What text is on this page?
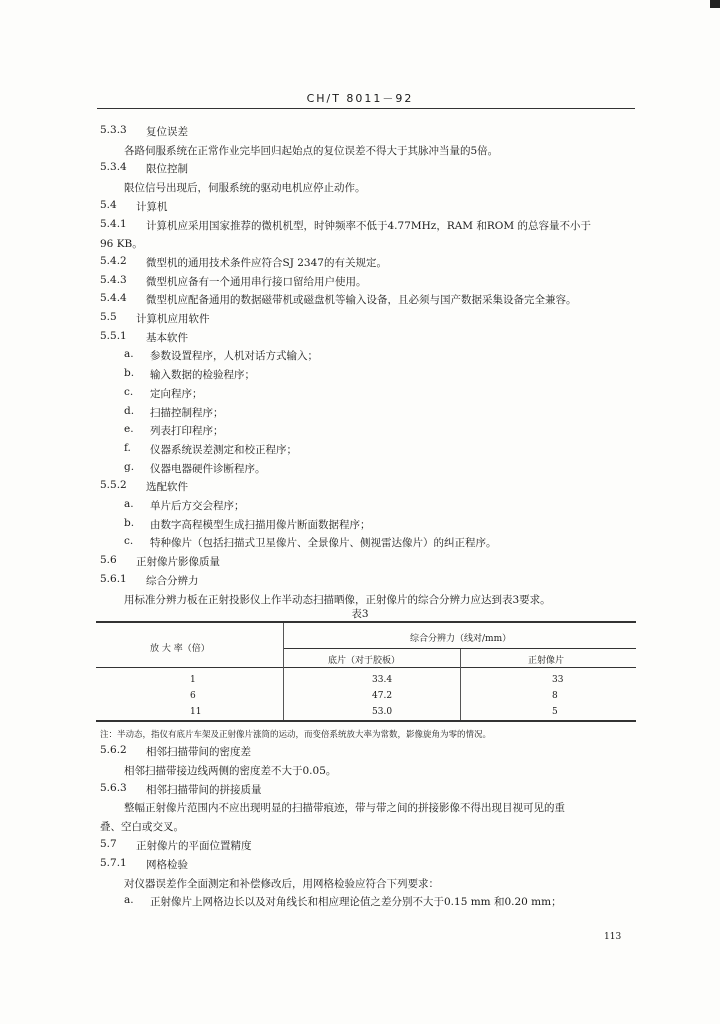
CH/T 8011－92
5.3.3 复位误差
各路伺服系统在正常作业完毕回归起始点的复位误差不得大于其脉冲当量的5倍。
5.3.4 限位控制
限位信号出现后，伺服系统的驱动电机应停止动作。
5.4 计算机
5.4.1 计算机应采用国家推荐的微机机型，时钟频率不低于4.77MHz，RAM 和ROM 的总容量不小于
96 KB。
5.4.2 微型机的通用技术条件应符合SJ 2347的有关规定。
5.4.3 微型机应备有一个通用串行接口留给用户使用。
5.4.4 微型机应配备通用的数据磁带机或磁盘机等输入设备，且必须与国产数据采集设备完全兼容。
5.5 计算机应用软件
5.5.1 基本软件
a. 参数设置程序，人机对话方式输入；
b. 输入数据的检验程序；
c. 定向程序；
d. 扫描控制程序；
e. 列表打印程序；
f. 仪器系统误差测定和校正程序；
g. 仪器电器硬件诊断程序。
5.5.2 选配软件
a. 单片后方交会程序；
b. 由数字高程模型生成扫描用像片断面数据程序；
c. 特种像片（包括扫描式卫星像片、全景像片、侧视雷达像片）的纠正程序。
5.6 正射像片影像质量
5.6.1 综合分辨力
用标准分辨力板在正射投影仪上作半动态扫描晒像，正射像片的综合分辨力应达到表3要求。
表3
放 大 率（倍）
综合分辨力（线对/mm）
底片（对于胶板）	正射像片
1	33.4	33
6	47.2	8
11	53.0	5
注：半动态，指仪有底片车架及正射像片涨筒的运动，而变倍系统放大率为常数，影像旋角为零的情况。
5.6.2 相邻扫描带间的密度差
相邻扫描带接边线两侧的密度差不大于0.05。
5.6.3 相邻扫描带间的拼接质量
整幅正射像片范围内不应出现明显的扫描带痕迹，带与带之间的拼接影像不得出现目视可见的重
叠、空白或交叉。
5.7 正射像片的平面位置精度
5.7.1 网格检验
对仪器误差作全面测定和补偿修改后，用网格检验应符合下列要求：
a. 正射像片上网格边长以及对角线长和相应理论值之差分别不大于0.15 mm 和0.20 mm；
113
